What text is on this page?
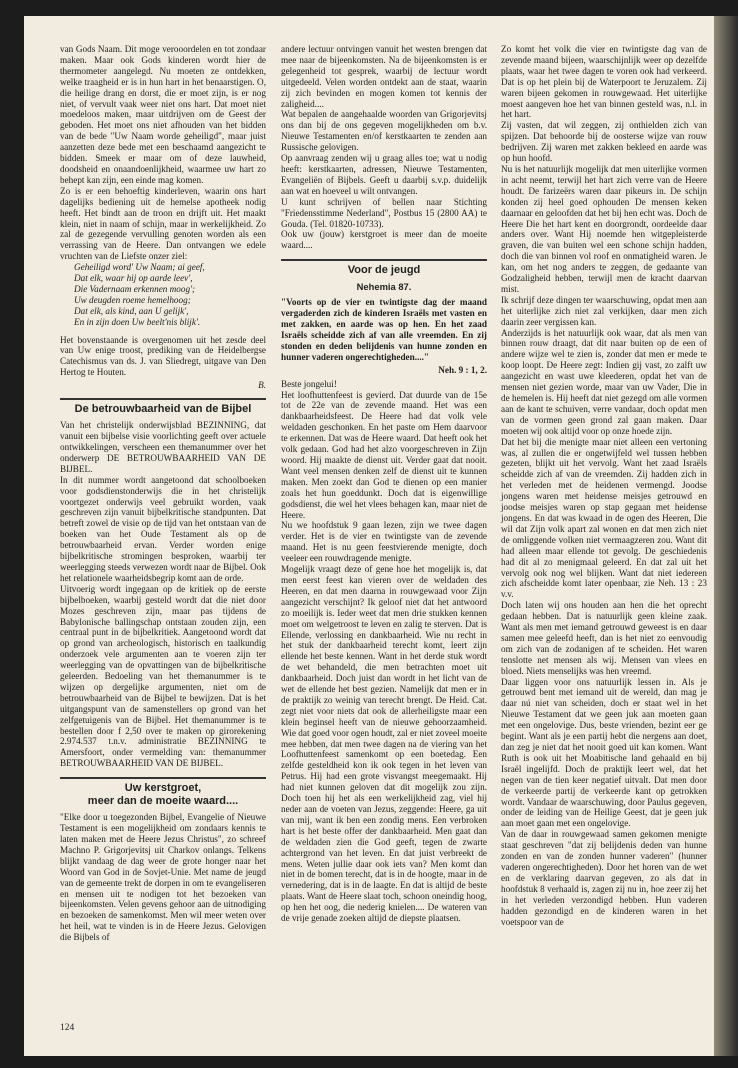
van Gods Naam. Dit moge verooordelen en tot zondaar maken. Maar ook Gods kinderen wordt hier de thermometer aangelegd. Nu moeten ze ontdekken, welke traagheid er is in hun hart in het benaarstigen. O, die heilige drang en dorst, die er moet zijn, is er nog niet, of vervult vaak weer niet ons hart. Dat moet niet moedeloos maken, maar uitdrijven om de Geest der geboden. Het moet ons niet afhouden van het bidden van de bede "Uw Naam worde geheiligd", maar juist aanzetten deze bede met een beschaamd aangezicht te bidden. Smeek er maar om of deze lauwheid, doodsheid en onaandoenlijkheid, waarmee uw hart zo behept kan zijn, een einde mag komen.

Zo is er een behoeftig kinderleven, waarin ons hart dagelijks bediening uit de hemelse apotheek nodig heeft. Het bindt aan de troon en drijft uit. Het maakt klein, niet in naam of schijn, maar in werkelijkheid. Zo zal de gezegende vervulling genoten worden als een verrassing van de Heere. Dan ontvangen we edele vruchten van de Liefste onzer ziel:

Geheiligd word' Uw Naam; ai geef,

Dat elk, waar hij op aarde leev',

Die Vadernaam erkennen moog';

Uw deugden roeme hemelhoog;

Dat elk, als kind, aan U gelijk',

En in zijn doen Uw beelt'nis blijk'.

Het bovenstaande is overgenomen uit het zesde deel van Uw enige troost, prediking van de Heidelbergse Catechismus van ds. J. van Sliedregt, uitgave van Den Hertog te Houten.

B.

De betrouwbaarheid van de Bijbel

Van het christelijk onderwijsblad BEZINNING, dat vanuit een bijbelse visie voorlichting geeft over actuele ontwikkelingen, verscheen een themanummer over het onderwerp DE BETROUWBAARHEID VAN DE BIJBEL.

In dit nummer wordt aangetoond dat schoolboeken voor godsdienstonderwijs die in het christelijk voortgezet onderwijs veel gebruikt worden, vaak geschreven zijn vanuit bijbelkritische standpunten. Dat betreft zowel de visie op de tijd van het ontstaan van de boeken van het Oude Testament als op de betrouwbaarheid ervan. Verder worden enige bijbelkritische stromingen besproken, waarbij ter weerlegging steeds verwezen wordt naar de Bijbel. Ook het relationele waarheidsbegrip komt aan de orde.

Uitvoerig wordt ingegaan op de kritiek op de eerste bijbelboeken, waarbij gesteld wordt dat die niet door Mozes geschreven zijn, maar pas tijdens de Babylonische ballingschap ontstaan zouden zijn, een centraal punt in de bijbelkritiek. Aangetoond wordt dat op grond van archeologisch, historisch en taalkundig onderzoek vele argumenten aan te voeren zijn ter weerlegging van de opvattingen van de bijbelkritische geleerden. Bedoeling van het themanummer is te wijzen op dergelijke argumenten, niet om de betrouwbaarheid van de Bijbel te bewijzen. Dat is het uitgangspunt van de samenstellers op grond van het zelfgetuigenis van de Bijbel. Het themanummer is te bestellen door f 2,50 over te maken op girorekening 2.974.537 t.n.v. administratie BEZINNING te Amersfoort, onder vermelding van: themanummer BETROUWBAARHEID VAN DE BIJBEL.

Uw kerstgroet,
meer dan de moeite waard....

"Elke door u toegezonden Bijbel, Evangelie of Nieuwe Testament is een mogelijkheid om zondaars kennis te laten maken met de Heere Jezus Christus", zo schreef Machno P. Grigorjevitsj uit Charkov onlangs. Telkens blijkt vandaag de dag weer de grote honger naar het Woord van God in de Sovjet-Unie. Met name de jeugd van de gemeente trekt de dorpen in om te evangeliseren en mensen uit te nodigen tot het bezoeken van bijeenkomsten. Velen gevens gehoor aan de uitnodiging en bezoeken de samenkomst. Men wil meer weten over het heil, wat te vinden is in de Heere Jezus. Gelovigen die Bijbels of

andere lectuur ontvingen vanuit het westen brengen dat mee naar de bijeenkomsten. Na de bijeenkomsten is er gelegenheid tot gesprek, waarbij de lectuur wordt uitgedeeld. Velen worden ontdekt aan de staat, waarin zij zich bevinden en mogen komen tot kennis der zaligheid....

Wat bepalen de aangehaalde woorden van Grigorjevitsj ons dan bij de ons gegeven mogelijkheden om b.v. Nieuwe Testamenten en/of kerstkaarten te zenden aan Russische gelovigen.

Op aanvraag zenden wij u graag alles toe; wat u nodig heeft: kerstkaarten, adressen, Nieuwe Testamenten, Evangeliën of Bijbels. Geeft u daarbij s.v.p. duidelijk aan wat en hoeveel u wilt ontvangen.

U kunt schrijven of bellen naar Stichting "Friedensstimme Nederland", Postbus 15 (2800 AA) te Gouda. (Tel. 01820-10733).

Ook uw (jouw) kerstgroet is meer dan de moeite waard....

Voor de jeugd

Nehemia 87.

"Voorts op de vier en twintigste dag der maand vergaderden zich de kinderen Israëls met vasten en met zakken, en aarde was op hen. En het zaad Israëls scheidde zich af van alle vreemden. En zij stonden en deden belijdenis van hunne zonden en hunner vaderen ongerechtigheden...."

Neh. 9 : 1, 2.

Beste jongelui!

Het loofhuttenfeest is gevierd. Dat duurde van de 15e tot de 22e van de zevende maand. Het was een dankbaarheidsfeest. De Heere had dat volk vele weldaden geschonken. En het paste om Hem daarvoor te erkennen. Dat was de Heere waard. Dat heeft ook het volk gedaan. God had het alzo voorgeschreven in Zijn woord. Hij maakte de dienst uit. Verder gaat dat nooit. Want veel mensen denken zelf de dienst uit te kunnen maken. Men zoekt dan God te dienen op een manier zoals het hun goeddunkt. Doch dat is eigenwillige godsdienst, die wel het vlees behagen kan, maar niet de Heere.

Nu we hoofdstuk 9 gaan lezen, zijn we twee dagen verder. Het is de vier en twintigste van de zevende maand. Het is nu geen feestvierende menigte, doch veeleer een rouwdragende menigte.

Mogelijk vraagt deze of gene hoe het mogelijk is, dat men eerst feest kan vieren over de weldaden des Heeren, en dat men daarna in rouwgewaad voor Zijn aangezicht verschijnt? Ik geloof niet dat het antwoord zo moeilijk is. Ieder weet dat men drie stukken kennen moet om welgetroost te leven en zalig te sterven. Dat is Ellende, verlossing en dankbaarheid. Wie nu recht in het stuk der dankbaarheid terecht komt, leert zijn ellende het beste kennen. Want in het derde stuk wordt de wet behandeld, die men betrachten moet uit dankbaarheid. Doch juist dan wordt in het licht van de wet de ellende het best gezien. Namelijk dat men er in de praktijk zo weinig van terecht brengt. De Heid. Cat. zegt niet voor niets dat ook de allerheiligste maar een klein beginsel heeft van de nieuwe gehoorzaamheid. Wie dat goed voor ogen houdt, zal er niet zoveel moeite mee hebben, dat men twee dagen na de viering van het Loofhuttenfeest samenkomt op een boetedag. Een zelfde gesteldheid kon ik ook tegen in het leven van Petrus. Hij had een grote visvangst meegemaakt. Hij had niet kunnen geloven dat dit mogelijk zou zijn. Doch toen hij het als een werkelijkheid zag, viel hij neder aan de voeten van Jezus, zeggende: Heere, ga uit van mij, want ik ben een zondig mens. Een verbroken hart is het beste offer der dankbaarheid. Men gaat dan de weldaden zien die God geeft, tegen de zwarte achtergrond van het leven. En dat juist verbreekt de mens. Weten jullie daar ook iets van? Men komt dan niet in de bomen terecht, dat is in de hoogte, maar in de vernedering, dat is in de laagte. En dat is altijd de beste plaats. Want de Heere slaat toch, schoon oneindig hoog, op hen het oog, die nederig knielen.... De wateren van de vrije genade zoeken altijd de diepste plaatsen.

Zo komt het volk die vier en twintigste dag van de zevende maand bijeen, waarschijnlijk weer op dezelfde plaats, waar het twee dagen te voren ook had verkeerd. Dat is op het plein bij de Waterpoort te Jeruzalem. Zij waren bijeen gekomen in rouwgewaad. Het uiterlijke moest aangeven hoe het van binnen gesteld was, n.l. in het hart.

Zij vasten, dat wil zeggen, zij onthielden zich van spijzen. Dat behoorde bij de oosterse wijze van rouw bedrijven. Zij waren met zakken bekleed en aarde was op hun hoofd.

Nu is het natuurlijk mogelijk dat men uiterlijke vormen in acht neemt, terwijl het hart zich verre van de Heere houdt. De farizeërs waren daar pikeurs in. De schijn konden zij heel goed ophouden De mensen keken daarnaar en geloofden dat het bij hen echt was. Doch de Heere Die het hart kent en doorgrondt, oordeelde daar anders over. Want Hij noemde hen witgepleisterde graven, die van buiten wel een schone schijn hadden, doch die van binnen vol roof en onmatigheid waren. Je kan, om het nog anders te zeggen, de gedaante van Godzaligheid hebben, terwijl men de kracht daarvan mist.

Ik schrijf deze dingen ter waarschuwing, opdat men aan het uiterlijke zich niet zal verkijken, daar men zich daarin zeer vergissen kan.

Anderzijds is het natuurlijk ook waar, dat als men van binnen rouw draagt, dat dit naar buiten op de een of andere wijze wel te zien is, zonder dat men er mede te koop loopt. De Heere zegt: Indien gij vast, zo zalft uw aangezicht en wast uwe kleederen, opdat het van de mensen niet gezien worde, maar van uw Vader, Die in de hemelen is. Hij heeft dat niet gezegd om alle vormen aan de kant te schuiven, verre vandaar, doch opdat men van de vormen geen grond zal gaan maken. Daar moeten wij ook altijd voor op onze hoede zijn.

Dat het bij die menigte maar niet alleen een vertoning was, al zullen die er ongetwijfeld wel tussen hebben gezeten, blijkt uit het vervolg. Want het zaad Israëls scheidde zich af van de vreemden. Zij hadden zich in het verleden met de heidenen vermengd. Joodse jongens waren met heidense meisjes getrouwd en joodse meisjes waren op stap gegaan met heidense jongens. En dat was kwaad in de ogen des Heeren, Die wil dat Zijn volk apart zal wonen en dat men zich niet de omliggende volken niet vermaagzeren zou. Want dit had alleen maar ellende tot gevolg. De geschiedenis had dit al zo menigmaal geleerd. En dat zal uit het vervolg ook nog wel blijken. Want dat niet iedereen zich afscheidde komt later openbaar, zie Neh. 13 : 23 v.v.

Doch laten wij ons houden aan hen die het oprecht gedaan hebben. Dat is natuurlijk geen kleine zaak. Want als men met iemand getrouwd geweest is en daar samen mee geleefd heeft, dan is het niet zo eenvoudig om zich van de zodanigen af te scheiden. Het waren tenslotte net mensen als wij. Mensen van vlees en bloed. Niets menselijks was hen vreemd.

Daar liggen voor ons natuurlijk lessen in. Als je getrouwd bent met iemand uit de wereld, dan mag je daar nú niet van scheiden, doch er staat wel in het Nieuwe Testament dat we geen juk aan moeten gaan met een ongelovige. Dus, beste vrienden, bezint eer ge begint. Want als je een partij hebt die nergens aan doet, dan zeg je niet dat het nooit goed uit kan komen. Want Ruth is ook uit het Moabitische land gehaald en bij Israël ingelijfd. Doch de praktijk leert wel, dat het negen van de tien keer negatief uitvalt. Dat men door de verkeerde partij de verkeerde kant op getrokken wordt. Vandaar de waarschuwing, door Paulus gegeven, onder de leiding van de Heilige Geest, dat je geen juk aan moet gaan met een ongelovige.

Van de daar in rouwgewaad samen gekomen menigte staat geschreven "dat zij belijdenis deden van hunne zonden en van de zonden hunner vaderen" (hunner vaderen ongerechtigheden). Door het horen van de wet en de verklaring daarvan gegeven, zo als dat in hoofdstuk 8 verhaald is, zagen zij nu in, hoe zeer zij het in het verleden verzondigd hebben. Hun vaderen hadden gezondigd en de kinderen waren in het voetspoor van de

124
